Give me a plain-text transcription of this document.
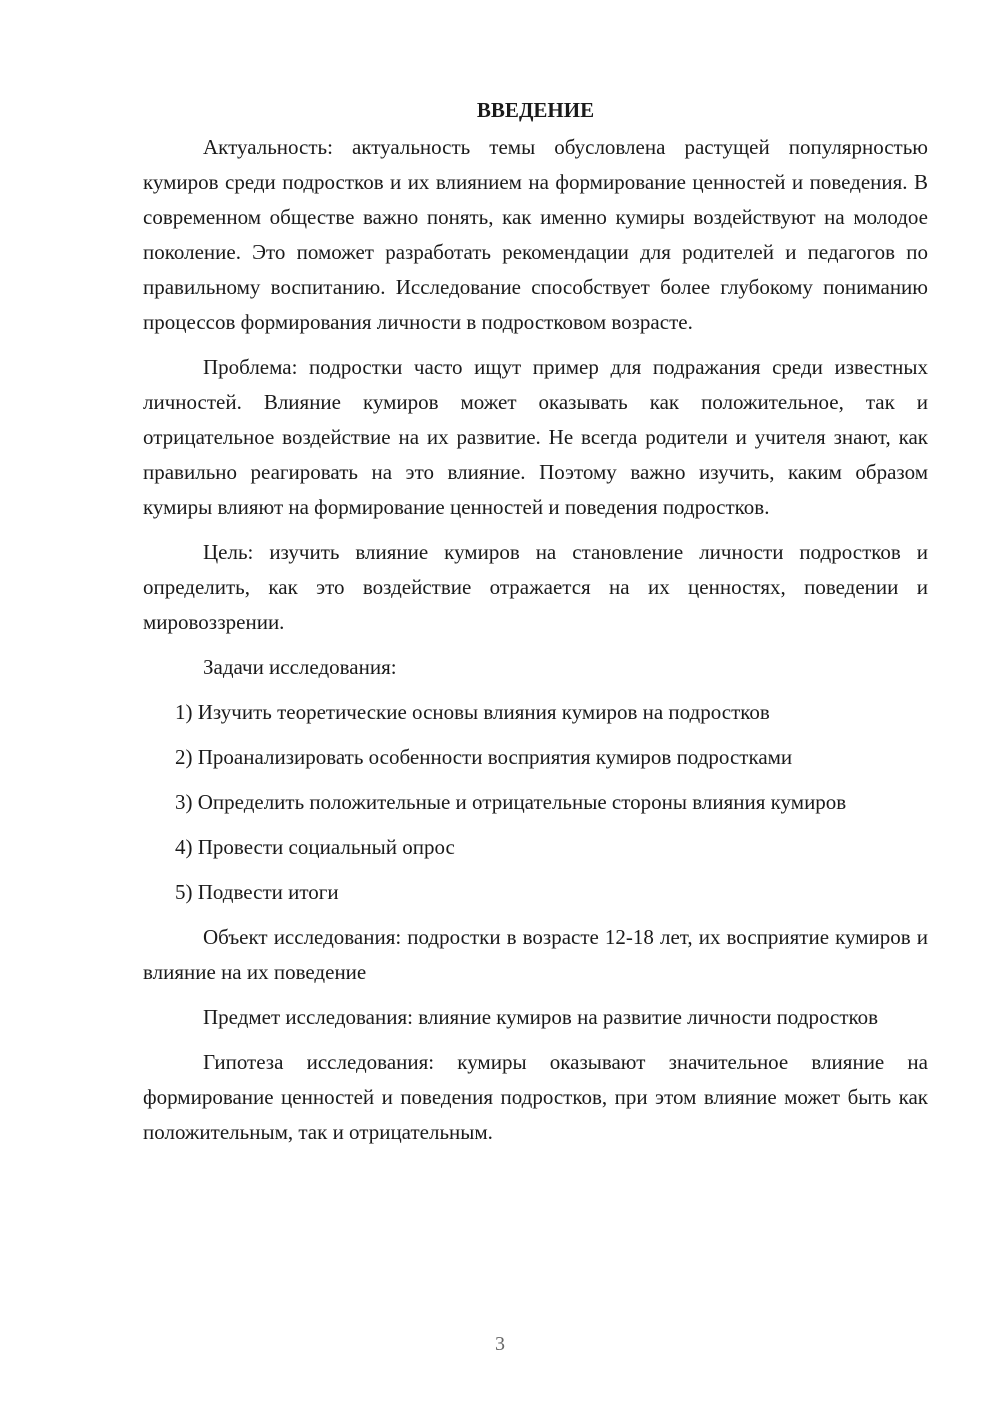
ВВЕДЕНИЕ

Актуальность: актуальность темы обусловлена растущей популярностью кумиров среди подростков и их влиянием на формирование ценностей и поведения. В современном обществе важно понять, как именно кумиры воздействуют на молодое поколение. Это поможет разработать рекомендации для родителей и педагогов по правильному воспитанию. Исследование способствует более глубокому пониманию процессов формирования личности в подростковом возрасте.

Проблема: подростки часто ищут пример для подражания среди известных личностей. Влияние кумиров может оказывать как положительное, так и отрицательное воздействие на их развитие. Не всегда родители и учителя знают, как правильно реагировать на это влияние. Поэтому важно изучить, каким образом кумиры влияют на формирование ценностей и поведения подростков.

Цель: изучить влияние кумиров на становление личности подростков и определить, как это воздействие отражается на их ценностях, поведении и мировоззрении.

Задачи исследования:

1) Изучить теоретические основы влияния кумиров на подростков

2) Проанализировать особенности восприятия кумиров подростками

3) Определить положительные и отрицательные стороны влияния кумиров

4) Провести социальный опрос

5) Подвести итоги

Объект исследования: подростки в возрасте 12-18 лет, их восприятие кумиров и влияние на их поведение

Предмет исследования: влияние кумиров на развитие личности подростков

Гипотеза исследования: кумиры оказывают значительное влияние на формирование ценностей и поведения подростков, при этом влияние может быть как положительным, так и отрицательным.

3
